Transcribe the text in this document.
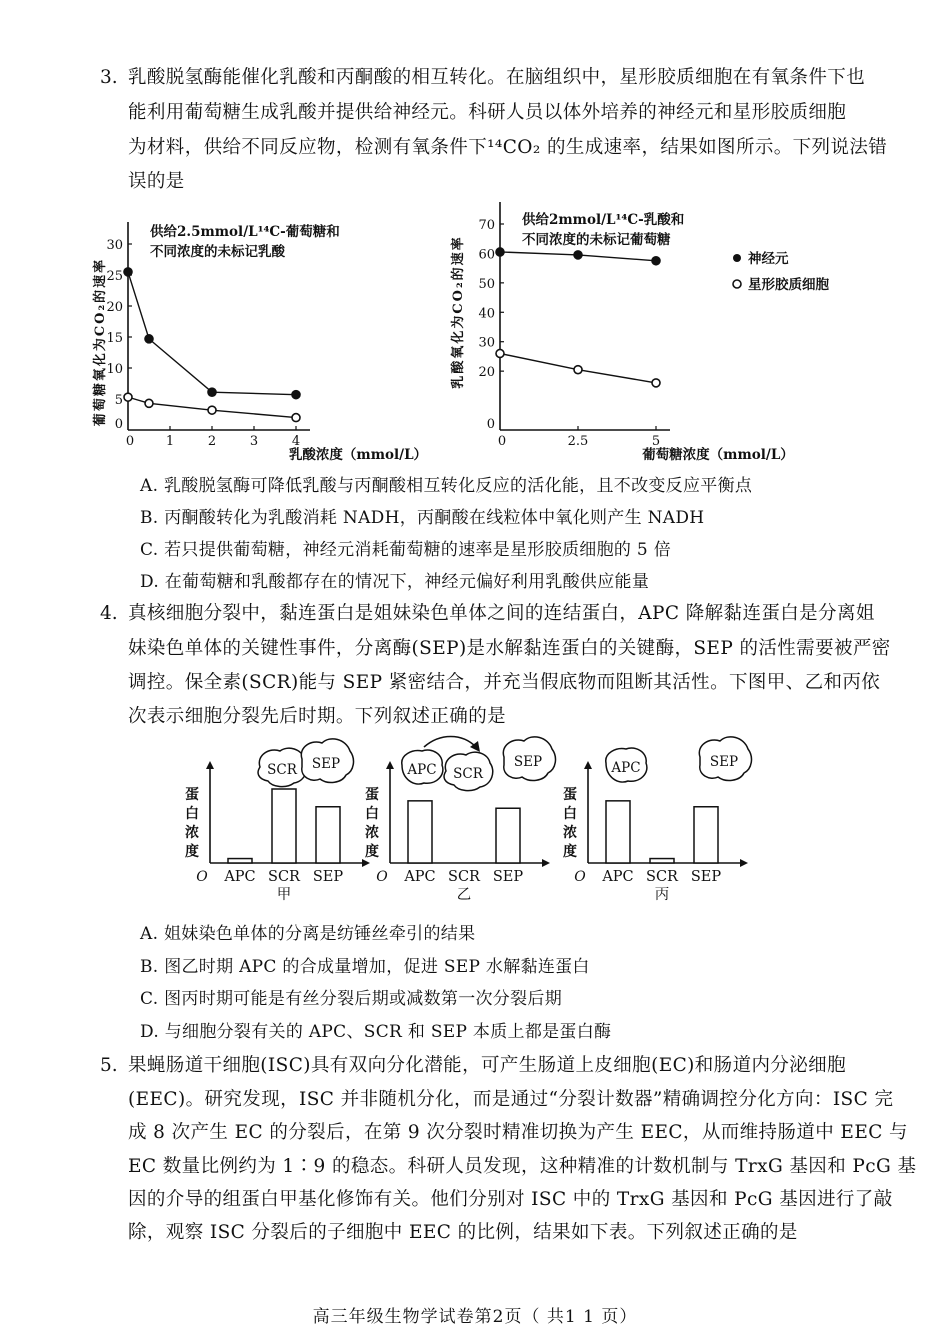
3. 乳酸脱氢酶能催化乳酸和丙酮酸的相互转化。在脑组织中，星形胶质细胞在有氧条件下也
能利用葡萄糖生成乳酸并提供给神经元。科研人员以体外培养的神经元和星形胶质细胞
为材料，供给不同反应物，检测有氧条件下¹⁴CO₂ 的生成速率，结果如图所示。下列说法错
误的是
葡萄糖氧化为CO₂的速率
供给2.5mmol/L¹⁴C-葡萄糖和
不同浓度的未标记乳酸
乳酸浓度（mmol/L）
0
5
10
15
20
25
30
0 1	2	3	4
乳酸氧化为CO₂的速率
供给2mmol/L¹⁴C-乳酸和
不同浓度的未标记葡萄糖
葡萄糖浓度（mmol/L）
神经元
星形胶质细胞
0
20
30
40
50
60
70
0	2.5	5
A. 乳酸脱氢酶可降低乳酸与丙酮酸相互转化反应的活化能，且不改变反应平衡点
B. 丙酮酸转化为乳酸消耗 NADH，丙酮酸在线粒体中氧化则产生 NADH
C. 若只提供葡萄糖，神经元消耗葡萄糖的速率是星形胶质细胞的 5 倍
D. 在葡萄糖和乳酸都存在的情况下，神经元偏好利用乳酸供应能量
4. 真核细胞分裂中，黏连蛋白是姐妹染色单体之间的连结蛋白，APC 降解黏连蛋白是分离姐
妹染色单体的关键性事件，分离酶(SEP)是水解黏连蛋白的关键酶，SEP 的活性需要被严密
调控。保全素(SCR)能与 SEP 紧密结合，并充当假底物而阻断其活性。下图甲、乙和丙依
次表示细胞分裂先后时期。下列叙述正确的是
蛋
白
浓
度
O APC SCR SEP
甲
SCR SEP
蛋
白
浓
度
O APC SCR SEP
乙
APC SCR
SEP
蛋
白
浓
度
O APC SCR SEP
丙
APC	SEP
A. 姐妹染色单体的分离是纺锤丝牵引的结果
B. 图乙时期 APC 的合成量增加，促进 SEP 水解黏连蛋白
C. 图丙时期可能是有丝分裂后期或减数第一次分裂后期
D. 与细胞分裂有关的 APC、SCR 和 SEP 本质上都是蛋白酶
5. 果蝇肠道干细胞(ISC)具有双向分化潜能，可产生肠道上皮细胞(EC)和肠道内分泌细胞
(EEC)。研究发现，ISC 并非随机分化，而是通过“分裂计数器”精确调控分化方向：ISC 完
成 8 次产生 EC 的分裂后，在第 9 次分裂时精准切换为产生 EEC，从而维持肠道中 EEC 与
EC 数量比例约为 1∶9 的稳态。科研人员发现，这种精准的计数机制与 TrxG 基因和 PcG 基
因的介导的组蛋白甲基化修饰有关。他们分别对 ISC 中的 TrxG 基因和 PcG 基因进行了敲
除，观察 ISC 分裂后的子细胞中 EEC 的比例，结果如下表。下列叙述正确的是
高三年级生物学试卷第2页（ 共1 1 页）
